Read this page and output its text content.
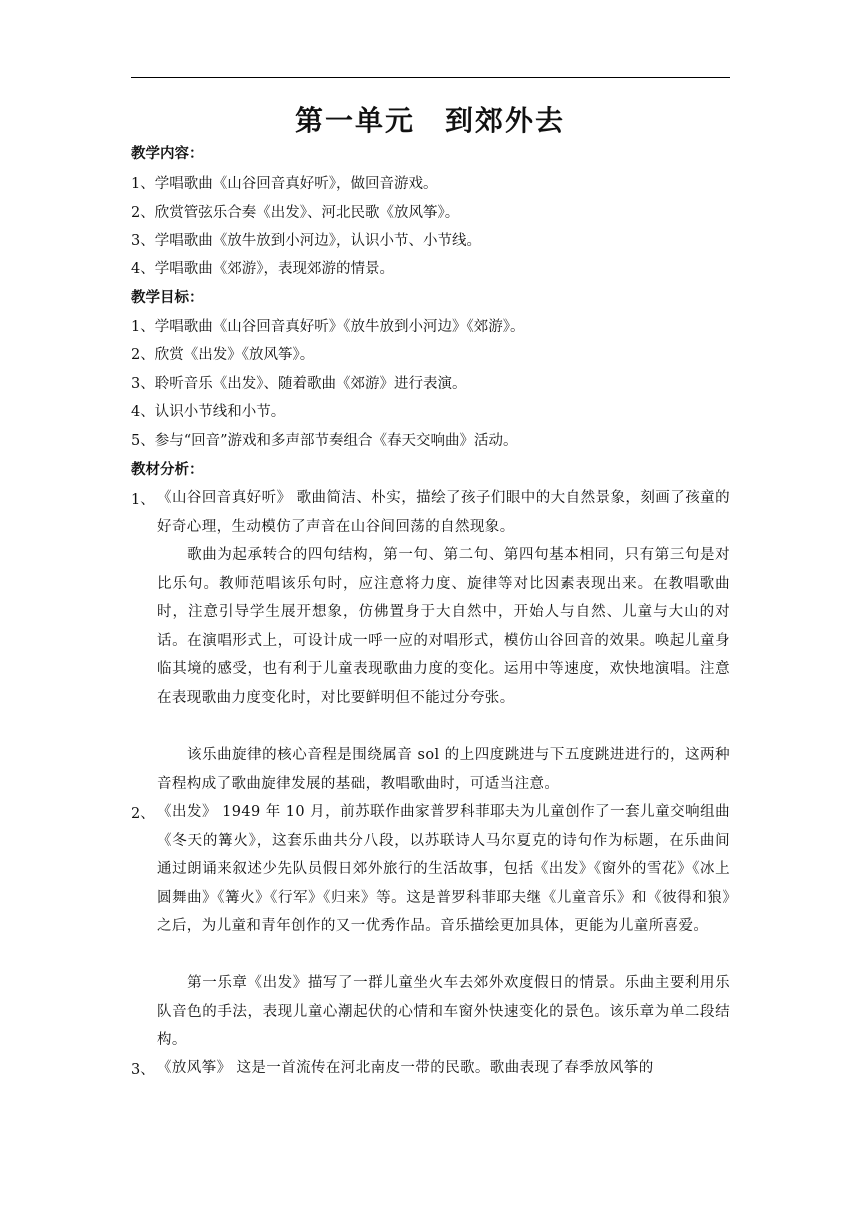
第一单元　到郊外去
教学内容：
1、学唱歌曲《山谷回音真好听》，做回音游戏。
2、欣赏管弦乐合奏《出发》、河北民歌《放风筝》。
3、学唱歌曲《放牛放到小河边》，认识小节、小节线。
4、学唱歌曲《郊游》，表现郊游的情景。
教学目标：
1、学唱歌曲《山谷回音真好听》《放牛放到小河边》《郊游》。
2、欣赏《出发》《放风筝》。
3、聆听音乐《出发》、随着歌曲《郊游》进行表演。
4、认识小节线和小节。
5、参与“回音”游戏和多声部节奏组合《春天交响曲》活动。
教材分析：
1、 《山谷回音真好听》 歌曲简洁、朴实，描绘了孩子们眼中的大自然景象，刻画了孩童的好奇心理，生动模仿了声音在山谷间回荡的自然现象。
　　歌曲为起承转合的四句结构，第一句、第二句、第四句基本相同，只有第三句是对比乐句。教师范唱该乐句时，应注意将力度、旋律等对比因素表现出来。在教唱歌曲时，注意引导学生展开想象，仿佛置身于大自然中，开始人与自然、儿童与大山的对话。在演唱形式上，可设计成一呼一应的对唱形式，模仿山谷回音的效果。唤起儿童身临其境的感受，也有利于儿童表现歌曲力度的变化。运用中等速度，欢快地演唱。注意在表现歌曲力度变化时，对比要鲜明但不能过分夸张。
　　该乐曲旋律的核心音程是围绕属音 sol 的上四度跳进与下五度跳进进行的，这两种音程构成了歌曲旋律发展的基础，教唱歌曲时，可适当注意。
2、 《出发》 1949 年 10 月，前苏联作曲家普罗科菲耶夫为儿童创作了一套儿童交响组曲《冬天的篝火》，这套乐曲共分八段，以苏联诗人马尔夏克的诗句作为标题，在乐曲间通过朗诵来叙述少先队员假日郊外旅行的生活故事，包括《出发》《窗外的雪花》《冰上圆舞曲》《篝火》《行军》《归来》等。这是普罗科菲耶夫继《儿童音乐》和《彼得和狼》之后，为儿童和青年创作的又一优秀作品。音乐描绘更加具体，更能为儿童所喜爱。
　　第一乐章《出发》描写了一群儿童坐火车去郊外欢度假日的情景。乐曲主要利用乐队音色的手法，表现儿童心潮起伏的心情和车窗外快速变化的景色。该乐章为单二段结构。
3、 《放风筝》 这是一首流传在河北南皮一带的民歌。歌曲表现了春季放风筝的
